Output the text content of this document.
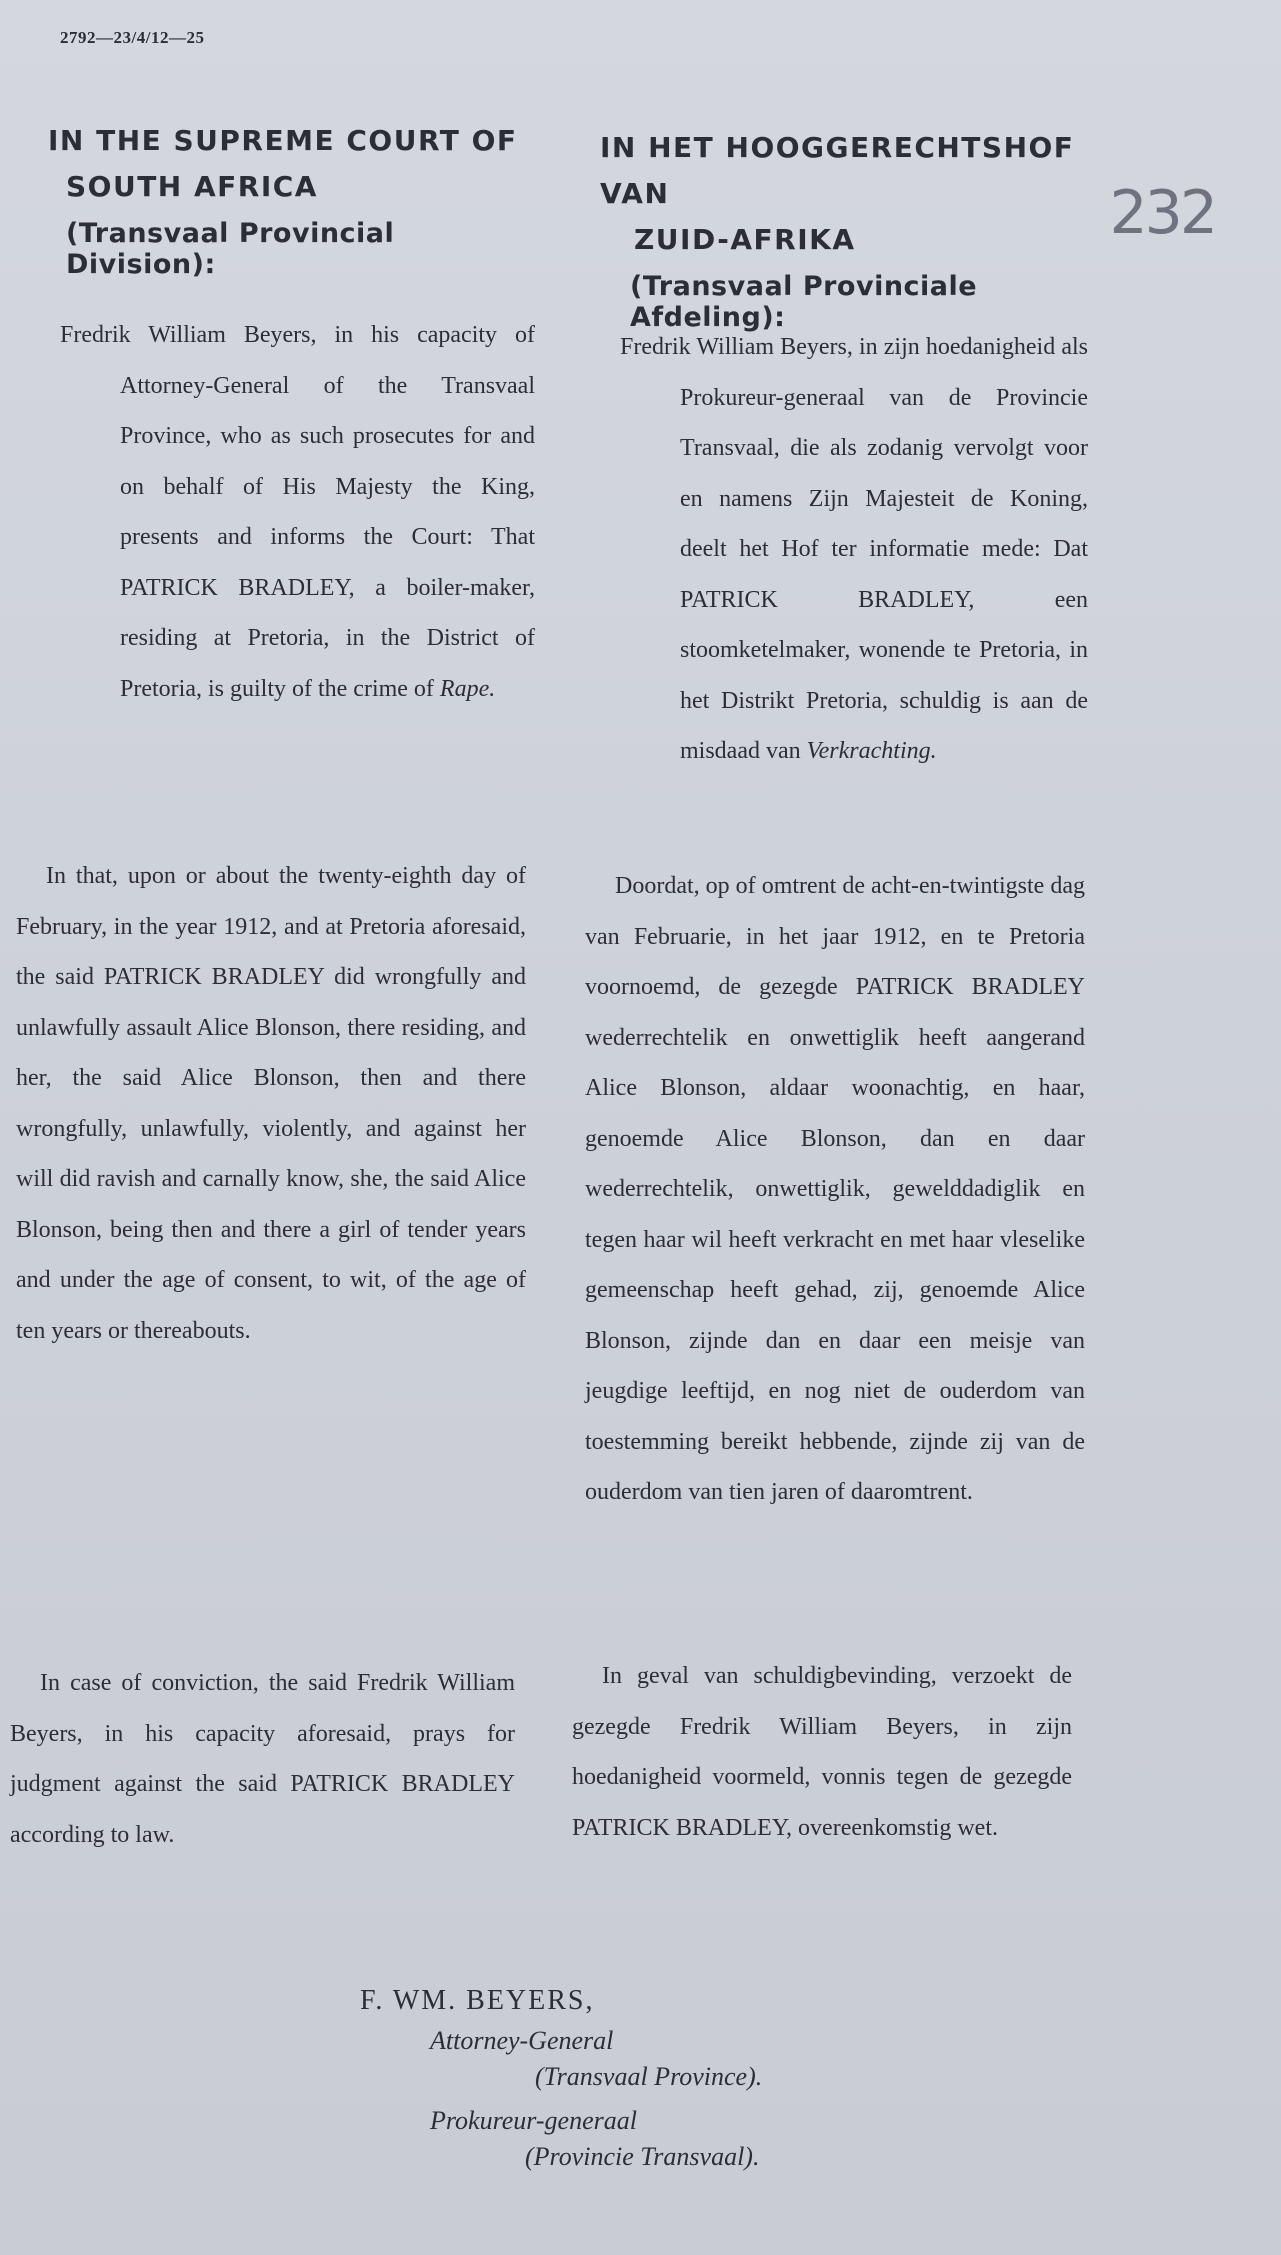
2792—23/4/12—25
232

IN THE SUPREME COURT OF

SOUTH AFRICA

(Transvaal Provincial Division):

Fredrik William Beyers, in his capacity of Attorney-General of the Transvaal Province, who as such prosecutes for and on behalf of His Majesty the King, presents and informs the Court: That PATRICK BRADLEY, a boiler-maker, residing at Pretoria, in the District of Pretoria, is guilty of the crime of Rape.

In that, upon or about the twenty-eighth day of February, in the year 1912, and at Pretoria aforesaid, the said PATRICK BRADLEY did wrongfully and unlawfully assault Alice Blonson, there residing, and her, the said Alice Blonson, then and there wrongfully, unlawfully, violently, and against her will did ravish and carnally know, she, the said Alice Blonson, being then and there a girl of tender years and under the age of consent, to wit, of the age of ten years or thereabouts.

In case of conviction, the said Fredrik William Beyers, in his capacity aforesaid, prays for judgment against the said PATRICK BRADLEY according to law.

IN HET HOOGGERECHTSHOF VAN

ZUID-AFRIKA

(Transvaal Provinciale Afdeling):

Fredrik William Beyers, in zijn hoedanigheid als Prokureur-generaal van de Provincie Transvaal, die als zodanig vervolgt voor en namens Zijn Majesteit de Koning, deelt het Hof ter informatie mede: Dat PATRICK BRADLEY, een stoomketelmaker, wonende te Pretoria, in het Distrikt Pretoria, schuldig is aan de misdaad van Verkrachting.

Doordat, op of omtrent de acht-en-twintigste dag van Februarie, in het jaar 1912, en te Pretoria voornoemd, de gezegde PATRICK BRADLEY wederrechtelik en onwettiglik heeft aangerand Alice Blonson, aldaar woonachtig, en haar, genoemde Alice Blonson, dan en daar wederrechtelik, onwettiglik, gewelddadiglik en tegen haar wil heeft verkracht en met haar vleselike gemeenschap heeft gehad, zij, genoemde Alice Blonson, zijnde dan en daar een meisje van jeugdige leeftijd, en nog niet de ouderdom van toestemming bereikt hebbende, zijnde zij van de ouderdom van tien jaren of daaromtrent.

In geval van schuldigbevinding, verzoekt de gezegde Fredrik William Beyers, in zijn hoedanigheid voormeld, vonnis tegen de gezegde PATRICK BRADLEY, overeenkomstig wet.

F. WM. BEYERS,
Attorney-General
(Transvaal Province).
Prokureur-generaal
(Provincie Transvaal).
